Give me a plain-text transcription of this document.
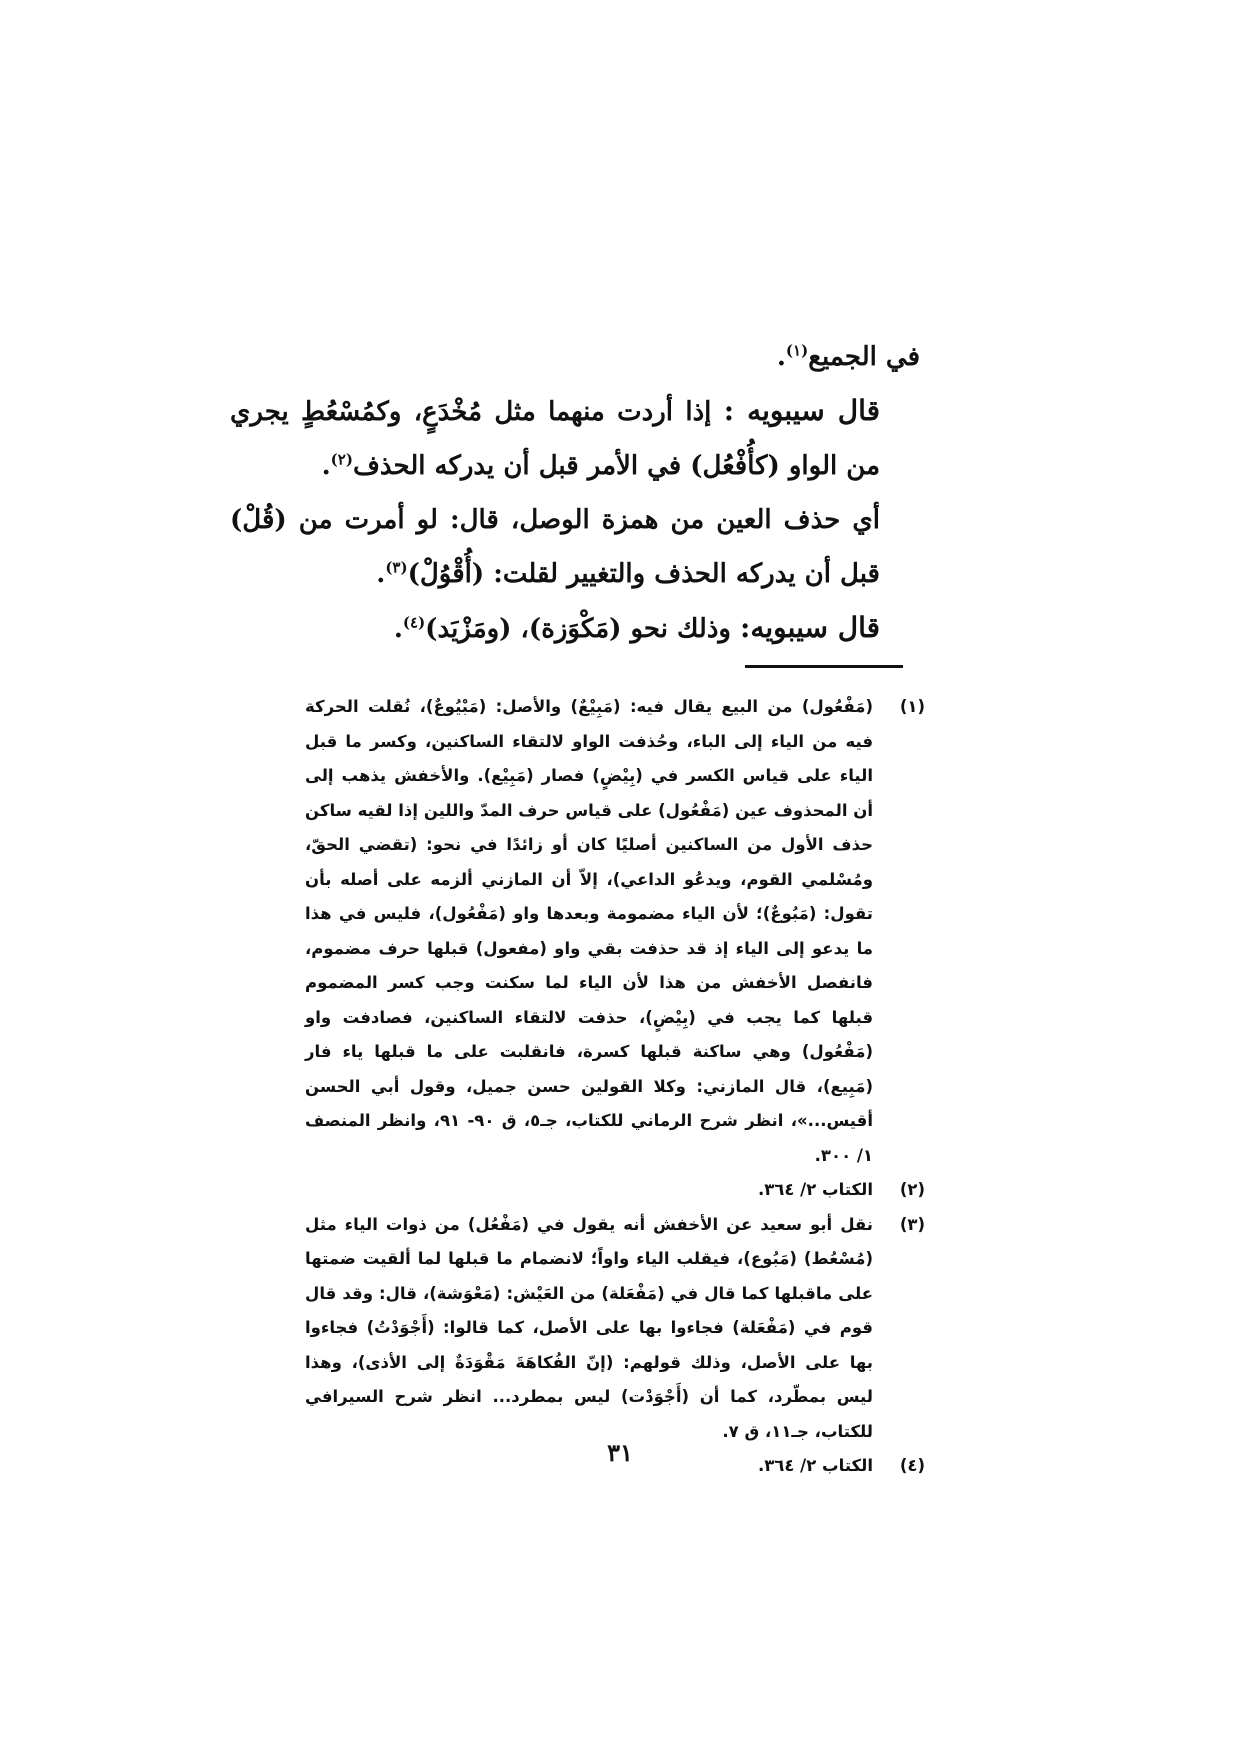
في الجميع$^{(١)}$.

قال سيبويه : إذا أردت منهما مثل مُخْدَعٍ، وكمُسْعُطٍ يجري من الواو (كأُفْعُل) في الأمر قبل أن يدركه الحذف$^{(٢)}$.

أي حذف العين من همزة الوصل، قال: لو أمرت من (قُلْ) قبل أن يدركه الحذف والتغيير لقلت: (أُقْوُلْ)$^{(٣)}$.

قال سيبويه: وذلك نحو (مَكْوَزة)، (ومَزْيَد)$^{(٤)}$.

(١)
(مَفْعُول) من البيع يقال فيه: (مَبِيْعٌ) والأصل: (مَبْيُوعٌ)، نُقلت الحركة فيه من الياء إلى الباء، وحُذفت الواو لالتقاء الساكنين، وكسر ما قبل الياء على قياس الكسر في (بِيْضٍ) فصار (مَبِيْع). والأخفش يذهب إلى أن المحذوف عين (مَفْعُول) على قياس حرف المدّ واللين إذا لقيه ساكن حذف الأول من الساكنين أصليًا كان أو زائدًا في نحو: (تقضي الحقّ، ومُسْلمي القوم، ويدعُو الداعي)، إلاّ أن المازني ألزمه على أصله بأن تقول: (مَبُوعٌ)؛ لأن الياء مضمومة وبعدها واو (مَفْعُول)، فليس في هذا ما يدعو إلى الياء إذ قد حذفت بقي واو (مفعول) قبلها حرف مضموم، فانفصل الأخفش من هذا لأن الياء لما سكنت وجب كسر المضموم قبلها كما يجب في (بِيْضٍ)، حذفت لالتقاء الساكنين، فصادفت واو (مَفْعُول) وهي ساكنة قبلها كسرة، فانقلبت على ما قبلها ياء فار (مَبِيع)، قال المازني: وكلا القولين حسن جميل، وقول أبي الحسن أقيس...»، انظر شرح الرماني للكتاب، جـ٥، ق ٩٠- ٩١، وانظر المنصف ١/ ٣٠٠.
(٢)
الكتاب ٢/ ٣٦٤.
(٣)
نقل أبو سعيد عن الأخفش أنه يقول في (مَفْعُل) من ذوات الياء مثل (مُسْعُط) (مَبُوع)، فيقلب الياء واواً؛ لانضمام ما قبلها لما ألقيت ضمتها على ماقبلها كما قال في (مَفْعَلة) من العَيْش: (مَعْوَشة)، قال: وقد قال قوم في (مَفْعَلة) فجاءوا بها على الأصل، كما قالوا: (أَجْوَدْتُ) فجاءوا بها على الأصل، وذلك قولهم: (إنّ الفُكاهَةَ مَقْوَدَةٌ إلى الأذى)، وهذا ليس بمطّرد، كما أن (أَجْوَدْت) ليس بمطرد... انظر شرح السيرافي للكتاب، جـ١١، ق ٧.
(٤)
الكتاب ٢/ ٣٦٤.
٣١
